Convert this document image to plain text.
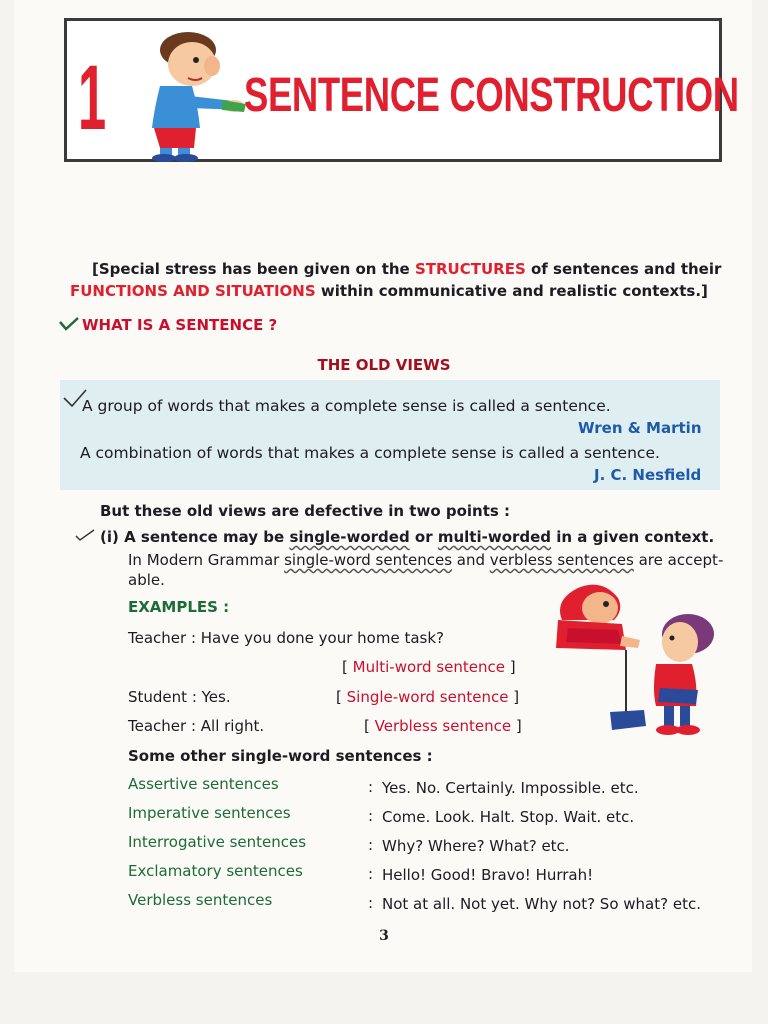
1	SENTENCE CONSTRUCTION
[Special stress has been given on the STRUCTURES of sentences and their
FUNCTIONS AND SITUATIONS within communicative and realistic contexts.]
WHAT IS A SENTENCE ?
THE OLD VIEWS
A group of words that makes a complete sense is called a sentence.
Wren & Martin
A combination of words that makes a complete sense is called a sentence.
J. C. Nesfield
But these old views are defective in two points :
(i) A sentence may be single-worded or multi-worded in a given context.
In Modern Grammar single-word sentences and verbless sentences are accept-
able.
EXAMPLES :
Teacher : Have you done your home task?
[ Multi-word sentence ]
Student : Yes.	[ Single-word sentence ]
Teacher : All right.	[ Verbless sentence ]
Some other single-word sentences :
Assertive sentences	: Yes. No. Certainly. Impossible. etc.
Imperative sentences	: Come. Look. Halt. Stop. Wait. etc.
Interrogative sentences	: Why? Where? What? etc.
Exclamatory sentences	: Hello! Good! Bravo! Hurrah!
Verbless sentences	: Not at all. Not yet. Why not? So what? etc.
3
